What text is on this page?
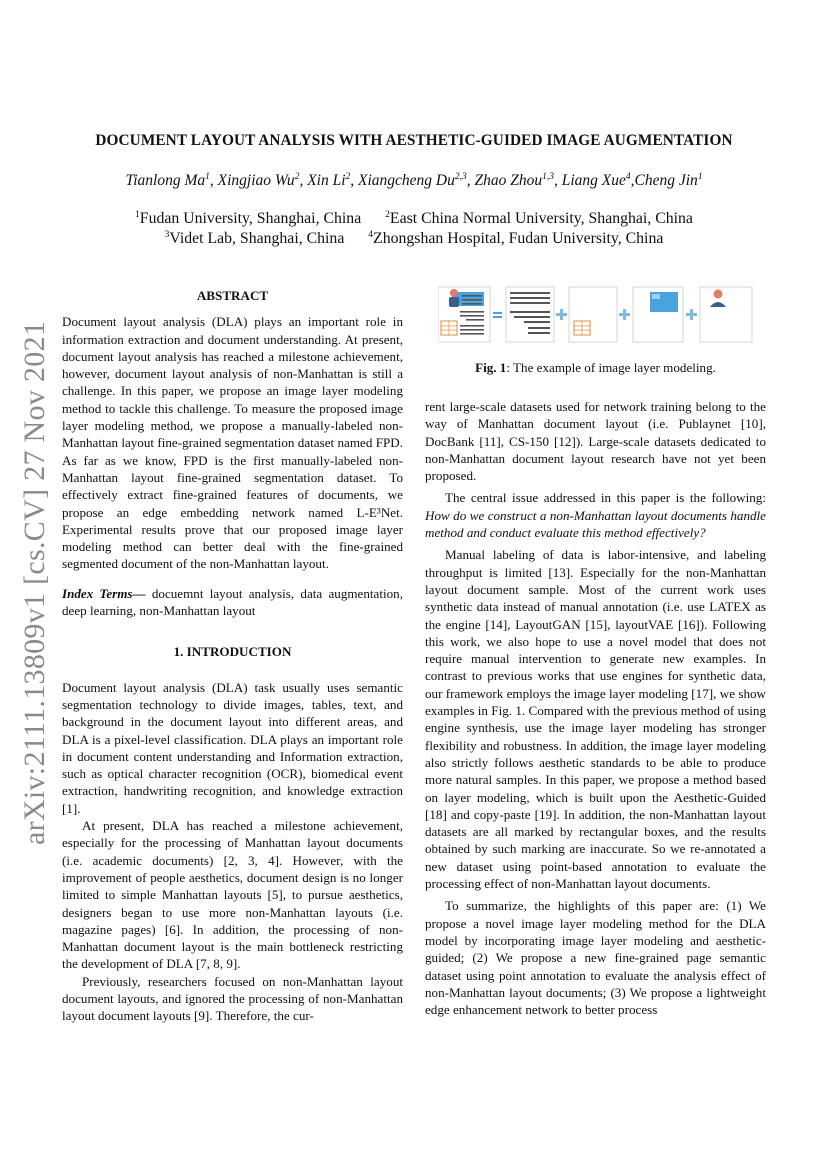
arXiv:2111.13809v1 [cs.CV] 27 Nov 2021
DOCUMENT LAYOUT ANALYSIS WITH AESTHETIC-GUIDED IMAGE AUGMENTATION
Tianlong Ma$^1$, Xingjiao Wu$^2$, Xin Li$^2$, Xiangcheng Du$^{2,3}$, Zhao Zhou$^{1,3}$, Liang Xue$^4$,Cheng Jin$^1$
$^1$Fudan University, Shanghai, China	$^2$East China Normal University, Shanghai, China
$^3$Videt Lab, Shanghai, China	$^4$Zhongshan Hospital, Fudan University, China
ABSTRACT

Document layout analysis (DLA) plays an important role in information extraction and document understanding. At present, document layout analysis has reached a milestone achievement, however, document layout analysis of non-Manhattan is still a challenge. In this paper, we propose an image layer modeling method to tackle this challenge. To measure the proposed image layer modeling method, we propose a manually-labeled non-Manhattan layout fine-grained segmentation dataset named FPD. As far as we know, FPD is the first manually-labeled non-Manhattan layout fine-grained segmentation dataset. To effectively extract fine-grained features of documents, we propose an edge embedding network named L-E³Net. Experimental results prove that our proposed image layer modeling method can better deal with the fine-grained segmented document of the non-Manhattan layout.

Index Terms— docuemnt layout analysis, data augmentation, deep learning, non-Manhattan layout

1. INTRODUCTION

Document layout analysis (DLA) task usually uses semantic segmentation technology to divide images, tables, text, and background in the document layout into different areas, and DLA is a pixel-level classification. DLA plays an important role in document content understanding and Information extraction, such as optical character recognition (OCR), biomedical event extraction, handwriting recognition, and knowledge extraction [1].

At present, DLA has reached a milestone achievement, especially for the processing of Manhattan layout documents (i.e. academic documents) [2, 3, 4]. However, with the improvement of people aesthetics, document design is no longer limited to simple Manhattan layouts [5], to pursue aesthetics, designers began to use more non-Manhattan layouts (i.e. magazine pages) [6]. In addition, the processing of non-Manhattan document layout is the main bottleneck restricting the development of DLA [7, 8, 9].

Previously, researchers focused on non-Manhattan layout document layouts, and ignored the processing of non-Manhattan layout document layouts [9]. Therefore, the cur-

Fig. 1: The example of image layer modeling.

rent large-scale datasets used for network training belong to the way of Manhattan document layout (i.e. Publaynet [10], DocBank [11], CS-150 [12]). Large-scale datasets dedicated to non-Manhattan document layout research have not yet been proposed.

The central issue addressed in this paper is the following: How do we construct a non-Manhattan layout documents handle method and conduct evaluate this method effectively?

Manual labeling of data is labor-intensive, and labeling throughput is limited [13]. Especially for the non-Manhattan layout document sample. Most of the current work uses synthetic data instead of manual annotation (i.e. use LATEX as the engine [14], LayoutGAN [15], layoutVAE [16]). Following this work, we also hope to use a novel model that does not require manual intervention to generate new examples. In contrast to previous works that use engines for synthetic data, our framework employs the image layer modeling [17], we show examples in Fig. 1. Compared with the previous method of using engine synthesis, use the image layer modeling has stronger flexibility and robustness. In addition, the image layer modeling also strictly follows aesthetic standards to be able to produce more natural samples. In this paper, we propose a method based on layer modeling, which is built upon the Aesthetic-Guided [18] and copy-paste [19]. In addition, the non-Manhattan layout datasets are all marked by rectangular boxes, and the results obtained by such marking are inaccurate. So we re-annotated a new dataset using point-based annotation to evaluate the processing effect of non-Manhattan layout documents.

To summarize, the highlights of this paper are: (1) We propose a novel image layer modeling method for the DLA model by incorporating image layer modeling and aesthetic-guided; (2) We propose a new fine-grained page semantic dataset using point annotation to evaluate the analysis effect of non-Manhattan layout documents; (3) We propose a lightweight edge enhancement network to better process
